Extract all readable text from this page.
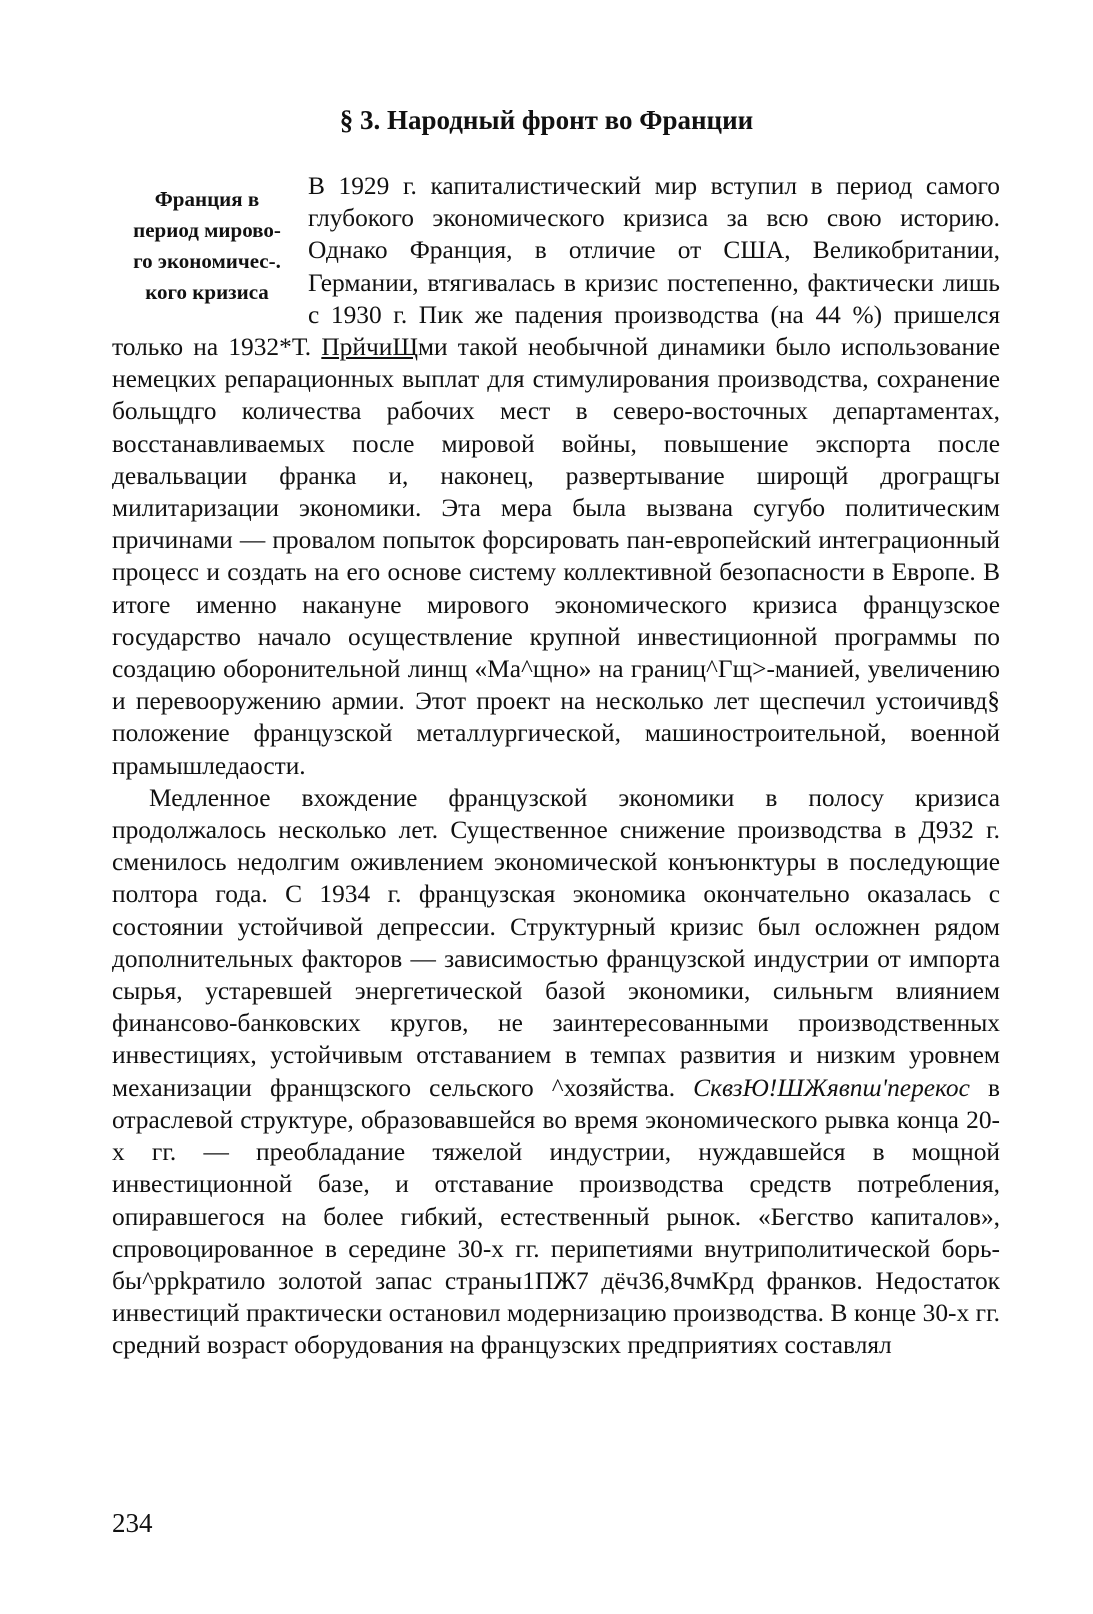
§ 3. Народный фронт во Франции
Франция в
период мирово-
го экономичес-.
кого кризиса

В 1929 г. капиталистический мир вступил в период самого глубокого экономического кризиса за всю свою историю. Однако Франция, в отличие от США, Великобритании, Германии, втягивалась в кризис постепенно, фактически лишь с 1930 г. Пик же падения производства (на 44 %) пришелся только на 1932*Т. ПрйчиЩми такой необычной динамики было использование немецких репарационных выплат для стимулирования производства, сохранение больщдго количества рабочих мест в северо-восточных департаментах, восстанавливаемых после мировой войны, повышение экспорта после девальвации франка и, наконец, развертывание широщй дрогращгы милитаризации экономики. Эта мера была вызвана сугубо политическим причинами — провалом попыток форсировать пан-европейский интеграционный процесс и создать на его основе систему коллективной безопасности в Европе. В итоге именно накануне мирового экономического кризиса французское государство начало осуществление крупной инвестиционной программы по создацию оборонительной линщ «Ма^щно» на границ^Гщ>-манией, увеличению и перевооружению армии. Этот проект на несколько лет щеспечил устоичивд§ положение французской металлургической, машиностроительной, военной прамышледаости.

Медленное вхождение французской экономики в полосу кризиса продолжалось несколько лет. Существенное снижение производства в Д932 г. сменилось недолгим оживлением экономической конъюнктуры в последующие полтора года. С 1934 г. французская экономика окончательно оказалась с состоянии устойчивой депрессии. Структурный кризис был осложнен рядом дополнительных факторов — зависимостью французской индустрии от импорта сырья, устаревшей энергетической базой экономики, сильньгм влиянием финансово-банковских кругов, не заинтересованными производственных инвестициях, устойчивым отставанием в темпах развития и низким уровнем механизации франщзского сельского ^хозяйства. СквзЮ!ШЖявпш'перекос в отраслевой структуре, образовавшейся во время экономического рывка конца 20-х гг. — преобладание тяжелой индустрии, нуждавшейся в мощной инвестиционной базе, и отставание производства средств потребления, опиравшегося на более гибкий, естественный рынок. «Бегство капиталов», спровоцированное в середине 30-х гг. перипетиями внутриполитической борь-бы^ррkратило золотой запас страны1ПЖ7 дёч36,8чмКрд франков. Недостаток инвестиций практически остановил модернизацию производства. В конце 30-х гг. средний возраст оборудования на французских предприятиях составлял

234
